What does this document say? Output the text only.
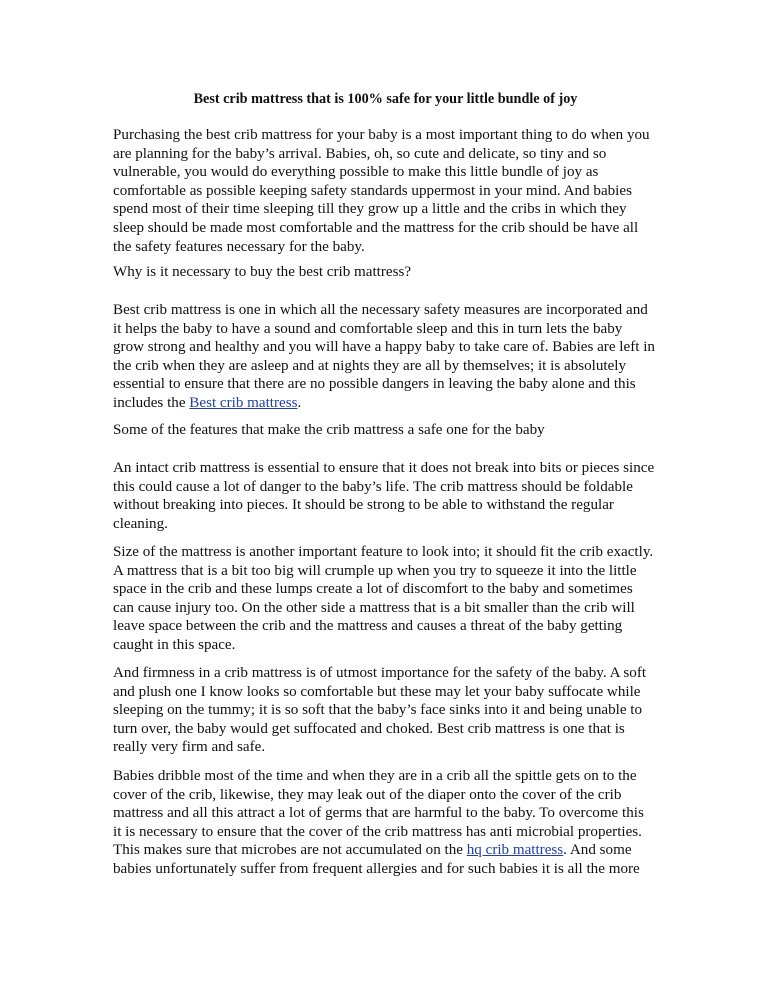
Best crib mattress that is 100% safe for your little bundle of joy

Purchasing the best crib mattress for your baby is a most important thing to do when you
are planning for the baby’s arrival. Babies, oh, so cute and delicate, so tiny and so
vulnerable, you would do everything possible to make this little bundle of joy as
comfortable as possible keeping safety standards uppermost in your mind. And babies
spend most of their time sleeping till they grow up a little and the cribs in which they
sleep should be made most comfortable and the mattress for the crib should be have all
the safety features necessary for the baby.

Why is it necessary to buy the best crib mattress?

Best crib mattress is one in which all the necessary safety measures are incorporated and
it helps the baby to have a sound and comfortable sleep and this in turn lets the baby
grow strong and healthy and you will have a happy baby to take care of. Babies are left in
the crib when they are asleep and at nights they are all by themselves; it is absolutely
essential to ensure that there are no possible dangers in leaving the baby alone and this
includes the Best crib mattress.

Some of the features that make the crib mattress a safe one for the baby

An intact crib mattress is essential to ensure that it does not break into bits or pieces since
this could cause a lot of danger to the baby’s life. The crib mattress should be foldable
without breaking into pieces. It should be strong to be able to withstand the regular
cleaning.

Size of the mattress is another important feature to look into; it should fit the crib exactly.
A mattress that is a bit too big will crumple up when you try to squeeze it into the little
space in the crib and these lumps create a lot of discomfort to the baby and sometimes
can cause injury too. On the other side a mattress that is a bit smaller than the crib will
leave space between the crib and the mattress and causes a threat of the baby getting
caught in this space.

And firmness in a crib mattress is of utmost importance for the safety of the baby. A soft
and plush one I know looks so comfortable but these may let your baby suffocate while
sleeping on the tummy; it is so soft that the baby’s face sinks into it and being unable to
turn over, the baby would get suffocated and choked. Best crib mattress is one that is
really very firm and safe.

Babies dribble most of the time and when they are in a crib all the spittle gets on to the
cover of the crib, likewise, they may leak out of the diaper onto the cover of the crib
mattress and all this attract a lot of germs that are harmful to the baby. To overcome this
it is necessary to ensure that the cover of the crib mattress has anti microbial properties.
This makes sure that microbes are not accumulated on the hq crib mattress. And some
babies unfortunately suffer from frequent allergies and for such babies it is all the more
